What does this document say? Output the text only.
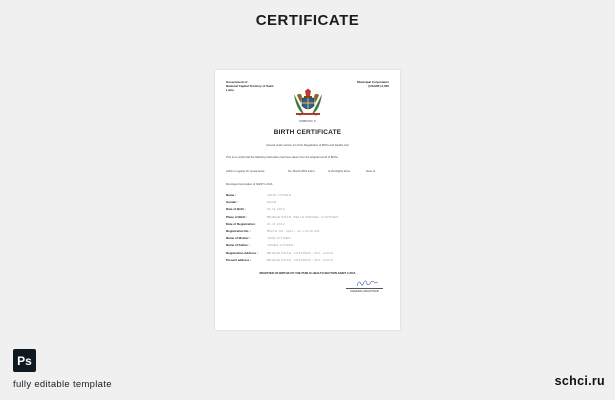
CERTIFICATE
Government of
National Capital Territory of Saint
Lucia
Municipal Corporation
(CSANT) 2,000
FORM NO. 5
BIRTH CERTIFICATE
(Issued under section 12 of the Registration of Births and Deaths Act)
This is to certify that the following information has been taken from the original record of Births
which is register for (Local Area)	No. Month 2019 & Ent	of the Rights Zone	Zone of
Municipal Corporation of SAINT LUCIA
Name :	JOHN CITIZEN
Gender :	MALE
Date of Birth :	01.11.2012
Place of Birth :	BRIDGE ROAD, BELLE BRIDGE, CASTRIES
Date of Registration :	01.11.2012
Registration No. :	BIRTH NO. 2012 - SL.LUCIA 001
Name of Mother :	JANE CITIZEN
Name of Father :	JAMES CITIZEN
Registration Address :	BRIDGE ROAD, CASTRIES - 001, LUCIA
Present address :	BRIDGE ROAD, CASTRIES - 001, LUCIA
REGISTER OF BIRTHS OF THE PUBLIC HEALTH SECTION SAINT LUCIA
GENERAL REGISTRAR
Ps
fully editable template	schci.ru
